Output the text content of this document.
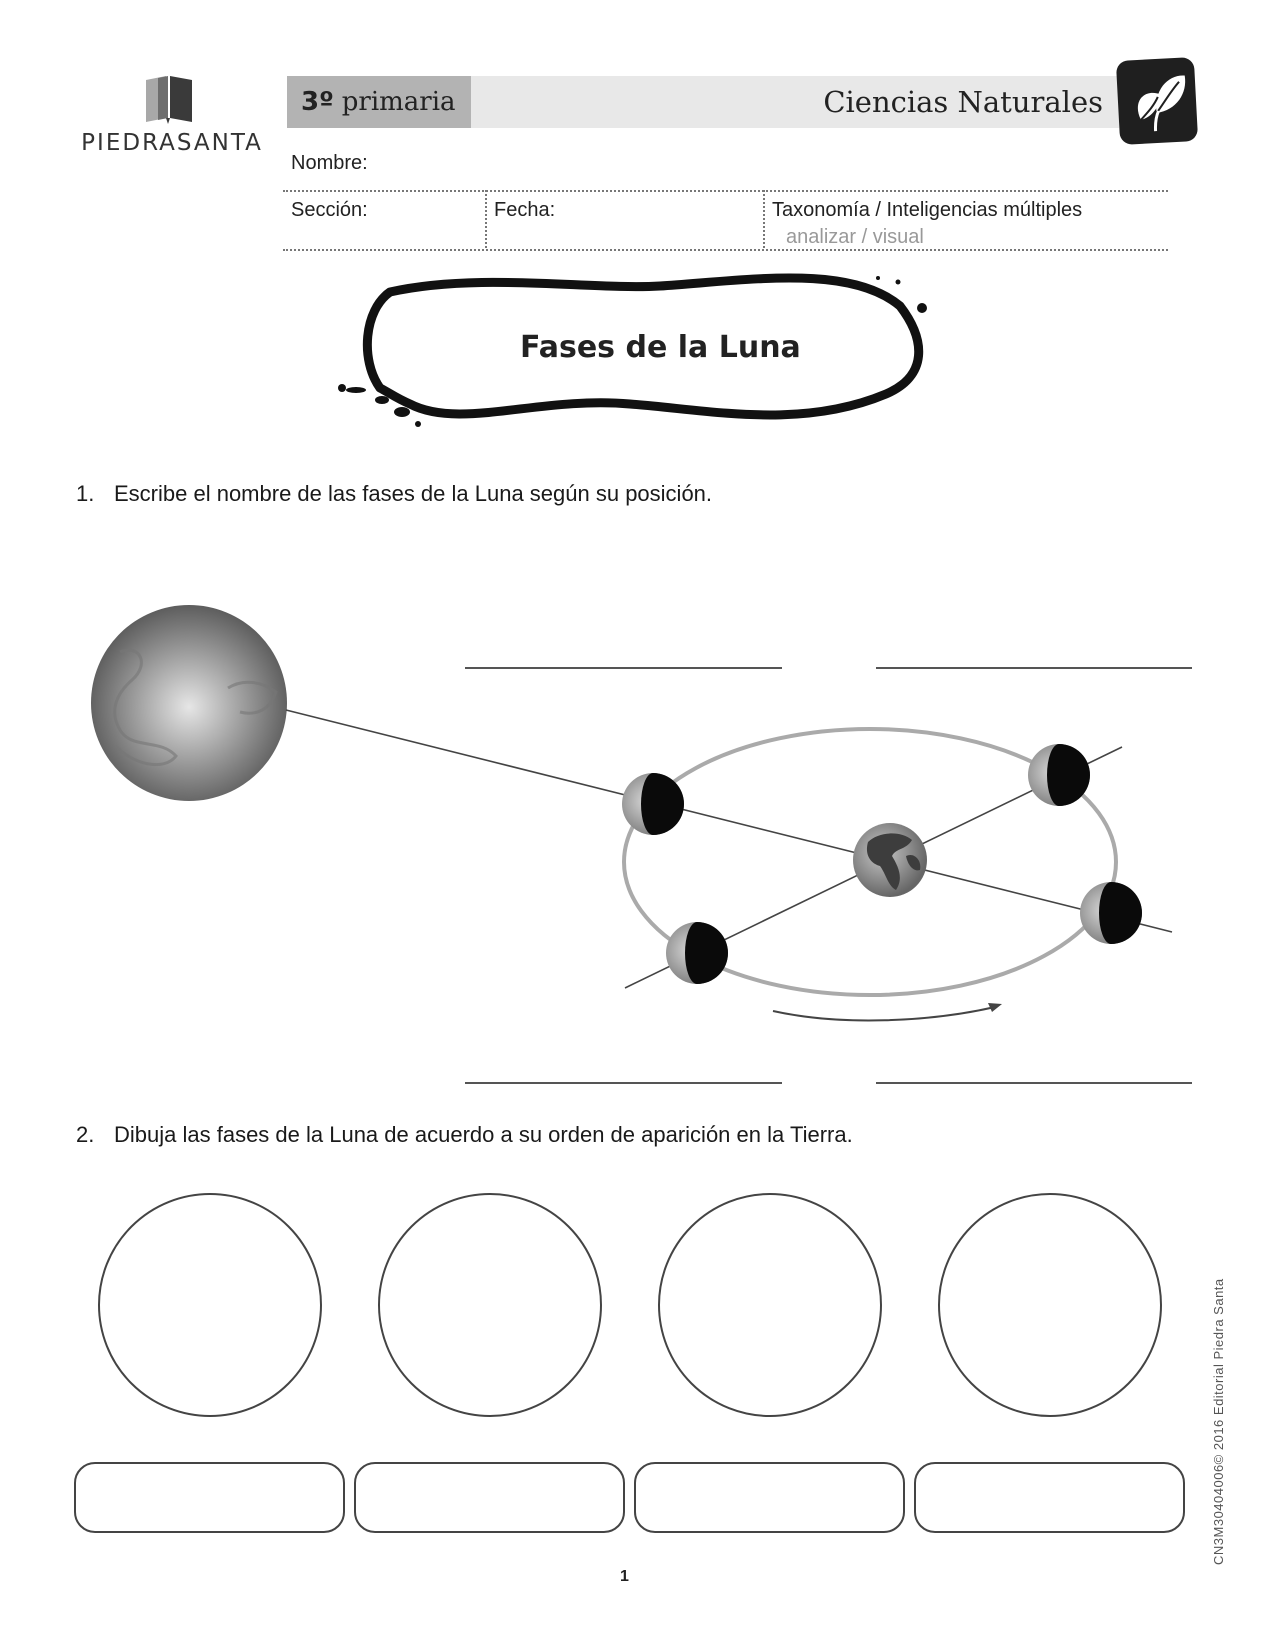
PIEDRASANTA
3º primaria	Ciencias Naturales
Nombre:
Sección:	Fecha:	Taxonomía / Inteligencias múltiples
analizar / visual
Fases de la Luna
1. Escribe el nombre de las fases de la Luna según su posición.
2. Dibuja las fases de la Luna de acuerdo a su orden de aparición en la Tierra.
CN3M30404006© 2016 Editorial Piedra Santa
1
